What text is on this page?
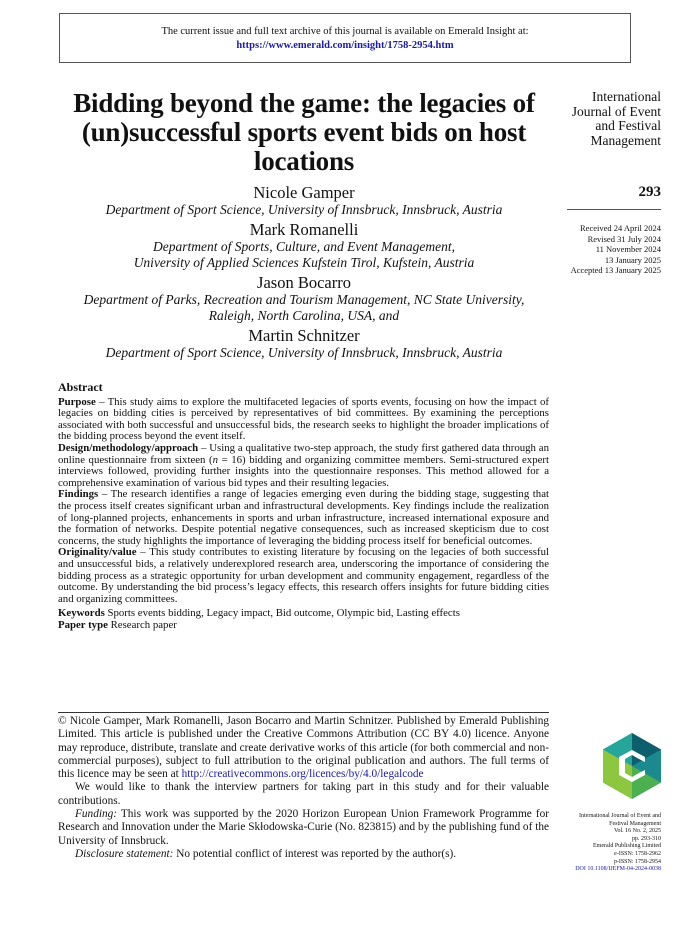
The current issue and full text archive of this journal is available on Emerald Insight at:
https://www.emerald.com/insight/1758-2954.htm
Bidding beyond the game: the legacies of (un)successful sports event bids on host locations
Nicole Gamper
Department of Sport Science, University of Innsbruck, Innsbruck, Austria
Mark Romanelli
Department of Sports, Culture, and Event Management,
University of Applied Sciences Kufstein Tirol, Kufstein, Austria
Jason Bocarro
Department of Parks, Recreation and Tourism Management, NC State University,
Raleigh, North Carolina, USA, and
Martin Schnitzer
Department of Sport Science, University of Innsbruck, Innsbruck, Austria
International
Journal of Event
and Festival
Management
293
Received 24 April 2024
Revised 31 July 2024
11 November 2024
13 January 2025
Accepted 13 January 2025
Abstract

Purpose – This study aims to explore the multifaceted legacies of sports events, focusing on how the impact of legacies on bidding cities is perceived by representatives of bid committees. By examining the perceptions associated with both successful and unsuccessful bids, the research seeks to highlight the broader implications of the bidding process beyond the event itself.

Design/methodology/approach – Using a qualitative two-step approach, the study first gathered data through an online questionnaire from sixteen (n = 16) bidding and organizing committee members. Semi-structured expert interviews followed, providing further insights into the questionnaire responses. This method allowed for a comprehensive examination of various bid types and their resulting legacies.

Findings – The research identifies a range of legacies emerging even during the bidding stage, suggesting that the process itself creates significant urban and infrastructural developments. Key findings include the realization of long-planned projects, enhancements in sports and urban infrastructure, increased international exposure and the formation of networks. Despite potential negative consequences, such as increased skepticism due to cost concerns, the study highlights the importance of leveraging the bidding process itself for beneficial outcomes.

Originality/value – This study contributes to existing literature by focusing on the legacies of both successful and unsuccessful bids, a relatively underexplored research area, underscoring the importance of considering the bidding process as a strategic opportunity for urban development and community engagement, regardless of the outcome. By understanding the bid process’s legacy effects, this research offers insights for future bidding cities and organizing committees.

Keywords Sports events bidding, Legacy impact, Bid outcome, Olympic bid, Lasting effects

Paper type Research paper

© Nicole Gamper, Mark Romanelli, Jason Bocarro and Martin Schnitzer. Published by Emerald Publishing Limited. This article is published under the Creative Commons Attribution (CC BY 4.0) licence. Anyone may reproduce, distribute, translate and create derivative works of this article (for both commercial and non-commercial purposes), subject to full attribution to the original publication and authors. The full terms of this licence may be seen at http://creativecommons.org/licences/by/4.0/legalcode

We would like to thank the interview partners for taking part in this study and for their valuable contributions.

Funding: This work was supported by the 2020 Horizon European Union Framework Programme for Research and Innovation under the Marie Skłodowska-Curie (No. 823815) and by the publishing fund of the University of Innsbruck.

Disclosure statement: No potential conflict of interest was reported by the author(s).

International Journal of Event and
Festival Management
Vol. 16 No. 2, 2025
pp. 293-310
Emerald Publishing Limited
e-ISSN: 1758-2962
p-ISSN: 1758-2954
DOI 10.1108/IJEFM-04-2024-0038
